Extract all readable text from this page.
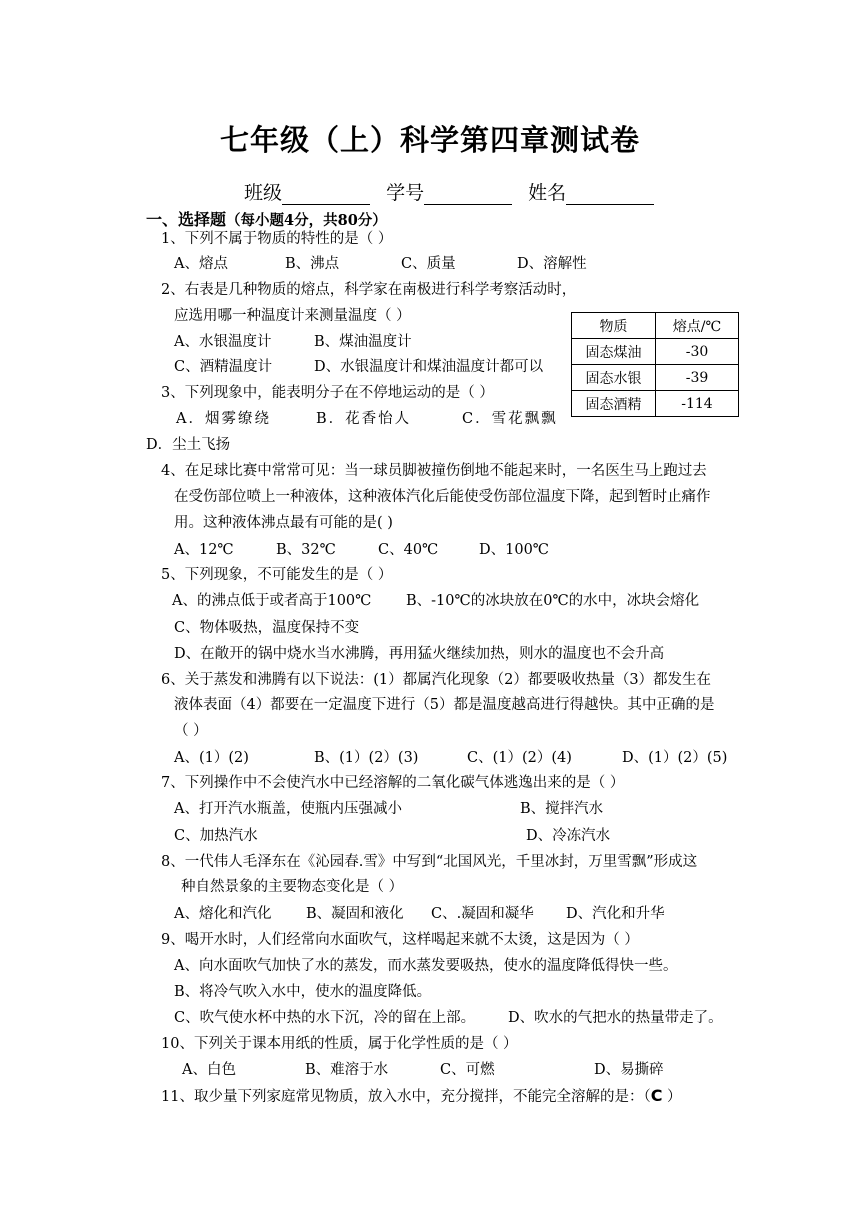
七年级（上）科学第四章测试卷
班级	学号	姓名
一、选择题（每小题4分，共80分）
1、下列不属于物质的特性的是（ ）
A、熔点	B、沸点	C、质量	D、溶解性
2、右表是几种物质的熔点，科学家在南极进行科学考察活动时，
应选用哪一种温度计来测量温度（ ）
A、水银温度计	B、煤油温度计
C、酒精温度计	D、水银温度计和煤油温度计都可以
物质	熔点/℃
固态煤油	-30
固态水银	-39
固态酒精	-114
3、下列现象中，能表明分子在不停地运动的是（ ）
A．烟雾缭绕	B．花香怡人	C．雪花飘飘
D．尘土飞扬
4、在足球比赛中常常可见：当一球员脚被撞伤倒地不能起来时，一名医生马上跑过去
在受伤部位喷上一种液体，这种液体汽化后能使受伤部位温度下降，起到暂时止痛作
用。这种液体沸点最有可能的是( )
A、12℃	B、32℃	C、40℃	D、100℃
5、下列现象，不可能发生的是（ ）
A、的沸点低于或者高于100℃ B、-10℃的冰块放在0℃的水中，冰块会熔化
C、物体吸热，温度保持不变
D、在敞开的锅中烧水当水沸腾，再用猛火继续加热，则水的温度也不会升高
6、关于蒸发和沸腾有以下说法：(1）都属汽化现象（2）都要吸收热量（3）都发生在
液体表面（4）都要在一定温度下进行（5）都是温度越高进行得越快。其中正确的是
（ ）
A、(1）(2)	B、(1）(2）(3)	C、(1）(2）(4)	D、(1）(2）(5)
7、下列操作中不会使汽水中已经溶解的二氧化碳气体逃逸出来的是（ ）
A、打开汽水瓶盖，使瓶内压强减小	B、搅拌汽水
C、加热汽水	D、冷冻汽水
8、一代伟人毛泽东在《沁园春.雪》中写到“北国风光，千里冰封，万里雪飘”形成这
种自然景象的主要物态变化是（ ）
A、熔化和汽化 B、凝固和液化 C、.凝固和凝华 D、汽化和升华
9、喝开水时，人们经常向水面吹气，这样喝起来就不太烫，这是因为（ ）
A、向水面吹气加快了水的蒸发，而水蒸发要吸热，使水的温度降低得快一些。
B、将冷气吹入水中，使水的温度降低。
C、吹气使水杯中热的水下沉，冷的留在上部。 D、吹水的气把水的热量带走了。
10、下列关于课本用纸的性质，属于化学性质的是（ ）
A、白色	B、难溶于水	C、可燃	D、易撕碎
11、取少量下列家庭常见物质，放入水中，充分搅拌，不能完全溶解的是：（C ）
